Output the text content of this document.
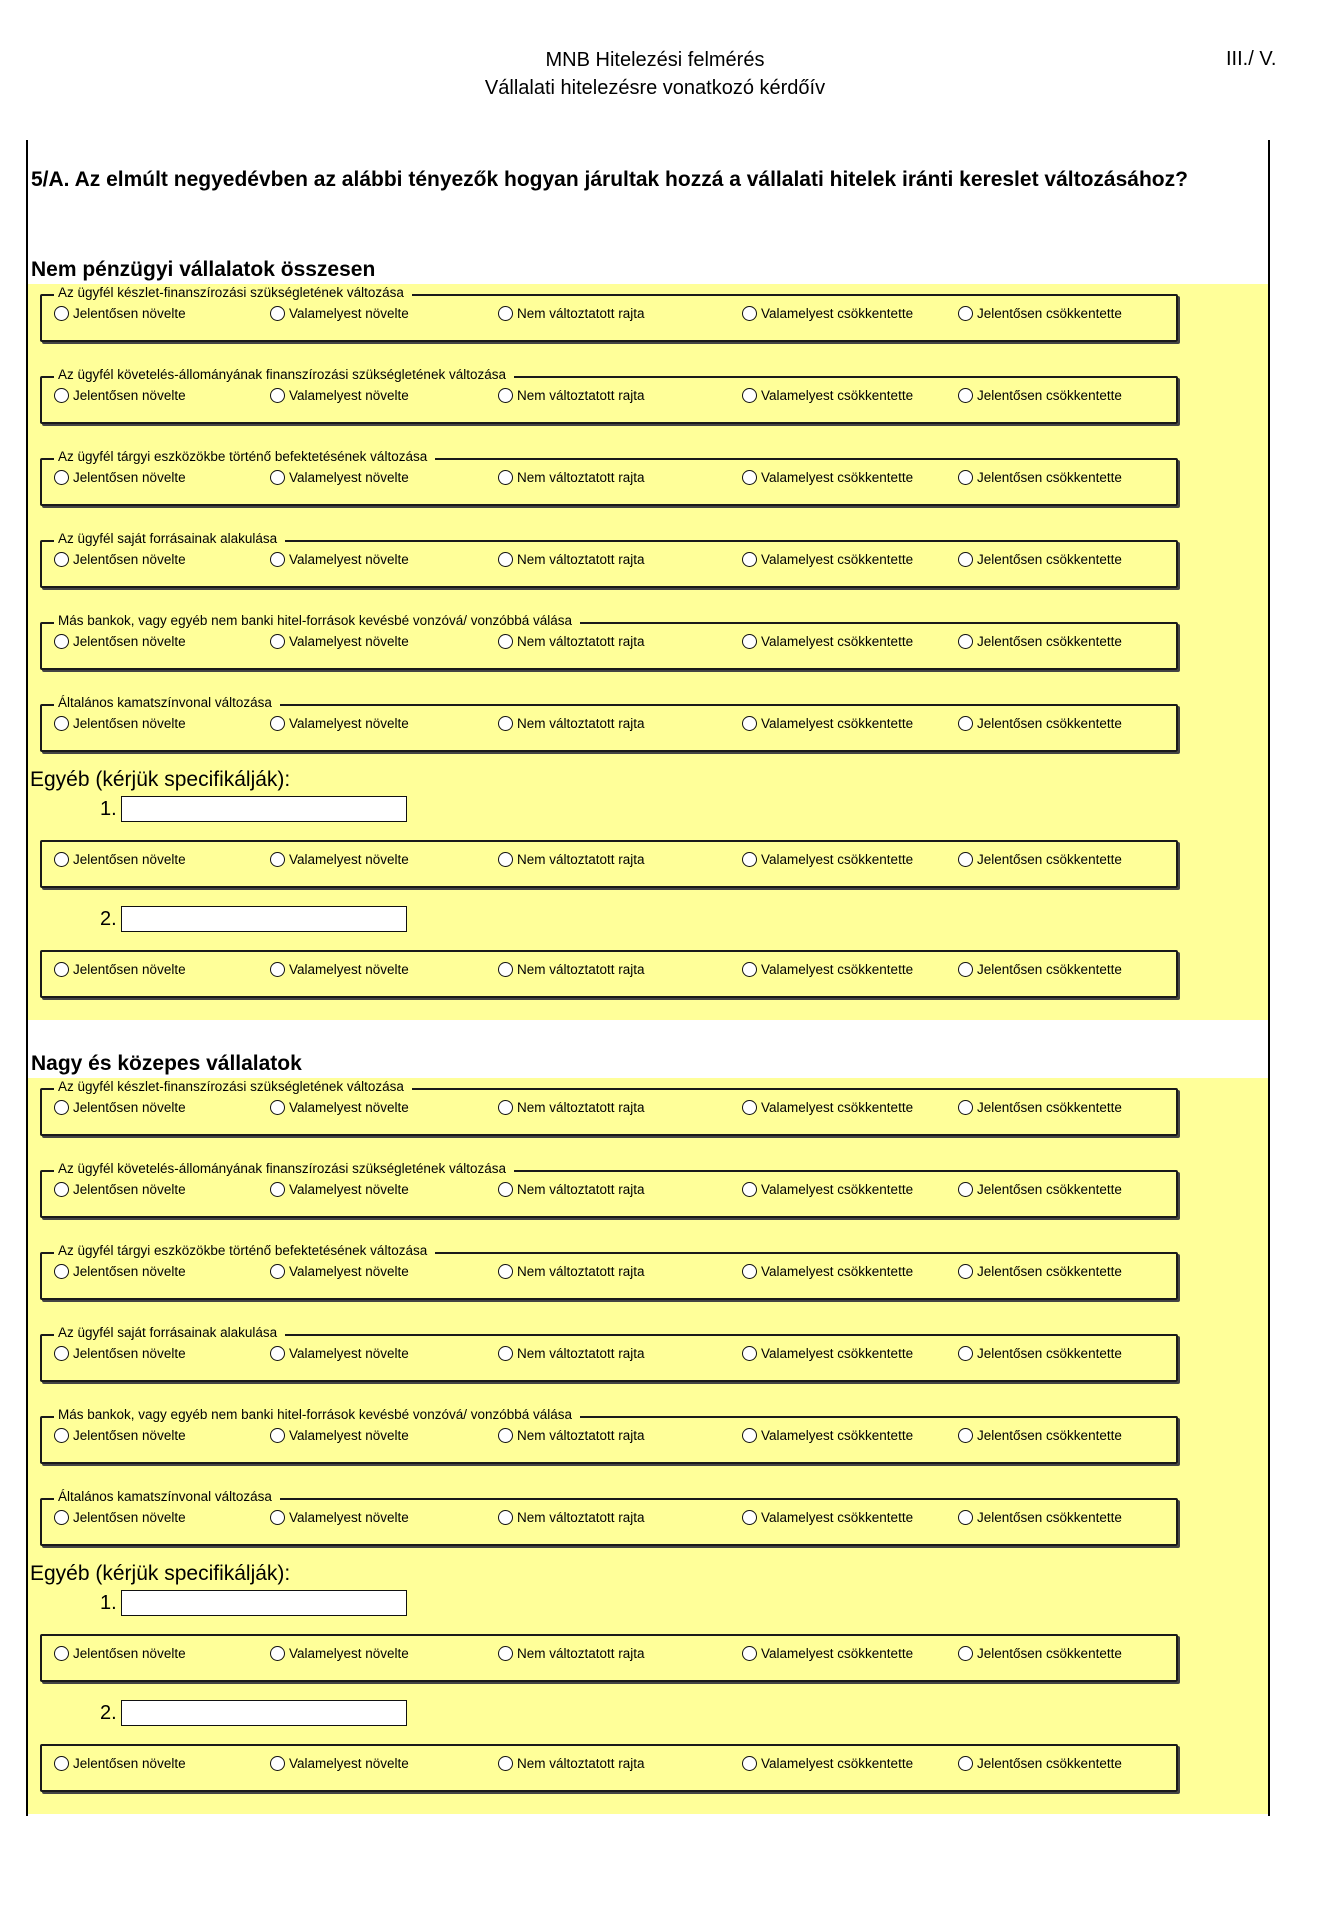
MNB Hitelezési felmérés
Vállalati hitelezésre vonatkozó kérdőív
III./ V.
5/A. Az elmúlt negyedévben az alábbi tényezők hogyan járultak hozzá a vállalati hitelek iránti kereslet változásához?
Nem pénzügyi vállalatok összesen
Az ügyfél készlet-finanszírozási szükségletének változása
Jelentősen növelte	Valamelyest növelte	Nem változtatott rajta	Valamelyest csökkentette	Jelentősen csökkentette
Az ügyfél követelés-állományának finanszírozási szükségletének változása
Jelentősen növelte	Valamelyest növelte	Nem változtatott rajta	Valamelyest csökkentette	Jelentősen csökkentette
Az ügyfél tárgyi eszközökbe történő befektetésének változása
Jelentősen növelte	Valamelyest növelte	Nem változtatott rajta	Valamelyest csökkentette	Jelentősen csökkentette
Az ügyfél saját forrásainak alakulása
Jelentősen növelte	Valamelyest növelte	Nem változtatott rajta	Valamelyest csökkentette	Jelentősen csökkentette
Más bankok, vagy egyéb nem banki hitel-források kevésbé vonzóvá/ vonzóbbá válása
Jelentősen növelte	Valamelyest növelte	Nem változtatott rajta	Valamelyest csökkentette	Jelentősen csökkentette
Általános kamatszínvonal változása
Jelentősen növelte	Valamelyest növelte	Nem változtatott rajta	Valamelyest csökkentette	Jelentősen csökkentette
Egyéb (kérjük specifikálják):
1.
Jelentősen növelte	Valamelyest növelte	Nem változtatott rajta	Valamelyest csökkentette	Jelentősen csökkentette
2.
Jelentősen növelte	Valamelyest növelte	Nem változtatott rajta	Valamelyest csökkentette	Jelentősen csökkentette
Nagy és közepes vállalatok
Az ügyfél készlet-finanszírozási szükségletének változása
Jelentősen növelte	Valamelyest növelte	Nem változtatott rajta	Valamelyest csökkentette	Jelentősen csökkentette
Az ügyfél követelés-állományának finanszírozási szükségletének változása
Jelentősen növelte	Valamelyest növelte	Nem változtatott rajta	Valamelyest csökkentette	Jelentősen csökkentette
Az ügyfél tárgyi eszközökbe történő befektetésének változása
Jelentősen növelte	Valamelyest növelte	Nem változtatott rajta	Valamelyest csökkentette	Jelentősen csökkentette
Az ügyfél saját forrásainak alakulása
Jelentősen növelte	Valamelyest növelte	Nem változtatott rajta	Valamelyest csökkentette	Jelentősen csökkentette
Más bankok, vagy egyéb nem banki hitel-források kevésbé vonzóvá/ vonzóbbá válása
Jelentősen növelte	Valamelyest növelte	Nem változtatott rajta	Valamelyest csökkentette	Jelentősen csökkentette
Általános kamatszínvonal változása
Jelentősen növelte	Valamelyest növelte	Nem változtatott rajta	Valamelyest csökkentette	Jelentősen csökkentette
Egyéb (kérjük specifikálják):
1.
Jelentősen növelte	Valamelyest növelte	Nem változtatott rajta	Valamelyest csökkentette	Jelentősen csökkentette
2.
Jelentősen növelte	Valamelyest növelte	Nem változtatott rajta	Valamelyest csökkentette	Jelentősen csökkentette
